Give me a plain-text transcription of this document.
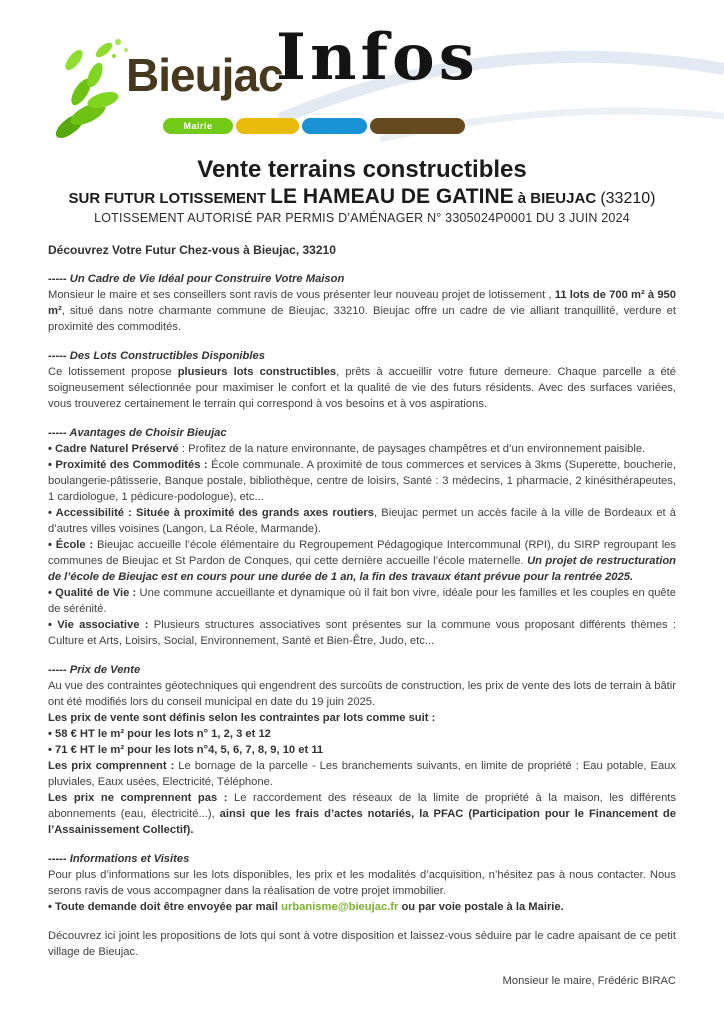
Bieujac
Infos
Mairie
Vente terrains constructibles
SUR FUTUR LOTISSEMENT LE HAMEAU DE GATINE à BIEUJAC (33210)
LOTISSEMENT AUTORISÉ PAR PERMIS D’AMÉNAGER N° 3305024P0001 DU 3 JUIN 2024

Découvrez Votre Futur Chez-vous à Bieujac, 33210

----- Un Cadre de Vie Idéal pour Construire Votre Maison

Monsieur le maire et ses conseillers sont ravis de vous présenter leur nouveau projet de lotissement , 11 lots de 700 m² à 950 m², situé dans notre charmante commune de Bieujac, 33210. Bieujac offre un cadre de vie alliant tranquillité, verdure et proximité des commodités.

----- Des Lots Constructibles Disponibles

Ce lotissement propose plusieurs lots constructibles, prêts à accueillir votre future demeure. Chaque parcelle a été soigneusement sélectionnée pour maximiser le confort et la qualité de vie des futurs résidents. Avec des surfaces variées, vous trouverez certainement le terrain qui correspond à vos besoins et à vos aspirations.

----- Avantages de Choisir Bieujac

• Cadre Naturel Préservé : Profitez de la nature environnante, de paysages champêtres et d’un environnement paisible.

• Proximité des Commodités : École communale. A proximité de tous commerces et services à 3kms (Superette, boucherie, boulangerie-pâtisserie, Banque postale, bibliothèque, centre de loisirs, Santé : 3 médecins, 1 pharmacie, 2 kinésithérapeutes, 1 cardiologue, 1 pédicure-podologue), etc...

• Accessibilité : Située à proximité des grands axes routiers, Bieujac permet un accès facile à la ville de Bordeaux et à d’autres villes voisines (Langon, La Réole, Marmande).

• École : Bieujac accueille l’école élémentaire du Regroupement Pédagogique Intercommunal (RPI), du SIRP regroupant les communes de Bieujac et St Pardon de Conques, qui cette dernière accueille l’école maternelle. Un projet de restructuration de l’école de Bieujac est en cours pour une durée de 1 an, la fin des travaux étant prévue pour la rentrée 2025.

• Qualité de Vie : Une commune accueillante et dynamique où il fait bon vivre, idéale pour les familles et les couples en quête de sérénité.

• Vie associative : Plusieurs structures associatives sont présentes sur la commune vous proposant différents thèmes : Culture et Arts, Loisirs, Social, Environnement, Santé et Bien-Être, Judo, etc...

----- Prix de Vente

Au vue des contraintes géotechniques qui engendrent des surcoûts de construction, les prix de vente des lots de terrain à bâtir ont été modifiés lors du conseil municipal en date du 19 juin 2025.

Les prix de vente sont définis selon les contraintes par lots comme suit :

• 58 € HT le m² pour les lots n° 1, 2, 3 et 12

• 71 € HT le m² pour les lots n°4, 5, 6, 7, 8, 9, 10 et 11

Les prix comprennent : Le bornage de la parcelle - Les branchements suivants, en limite de propriété : Eau potable, Eaux pluviales, Eaux usées, Electricité, Téléphone.

Les prix ne comprennent pas : Le raccordement des réseaux de la limite de propriété à la maison, les différents abonnements (eau, électricité...), ainsi que les frais d’actes notariés, la PFAC (Participation pour le Financement de l’Assainissement Collectif).

----- Informations et Visites

Pour plus d’informations sur les lots disponibles, les prix et les modalités d’acquisition, n’hésitez pas à nous contacter. Nous serons ravis de vous accompagner dans la réalisation de votre projet immobilier.

• Toute demande doit être envoyée par mail urbanisme@bieujac.fr ou par voie postale à la Mairie.

Découvrez ici joint les propositions de lots qui sont à votre disposition et laissez-vous séduire par le cadre apaisant de ce petit village de Bieujac.

Monsieur le maire, Frédéric BIRAC
